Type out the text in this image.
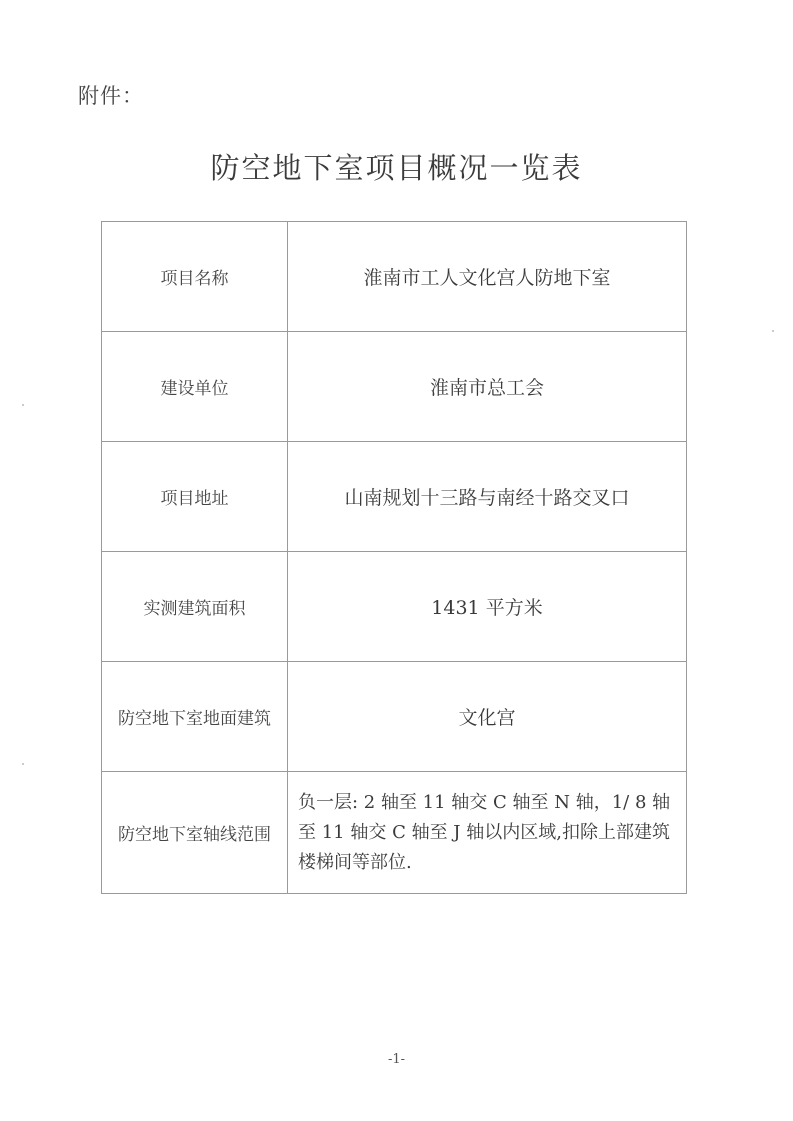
附件：
防空地下室项目概况一览表
项目名称	淮南市工人文化宫人防地下室
建设单位	淮南市总工会
项目地址	山南规划十三路与南经十路交叉口
实测建筑面积	1431 平方米
防空地下室地面建筑	文化宫
防空地下室轴线范围	负一层: 2 轴至 11 轴交 C 轴至 N 轴，1/ 8 轴至 11 轴交 C 轴至 J 轴以内区域,扣除上部建筑楼梯间等部位.
-1-
